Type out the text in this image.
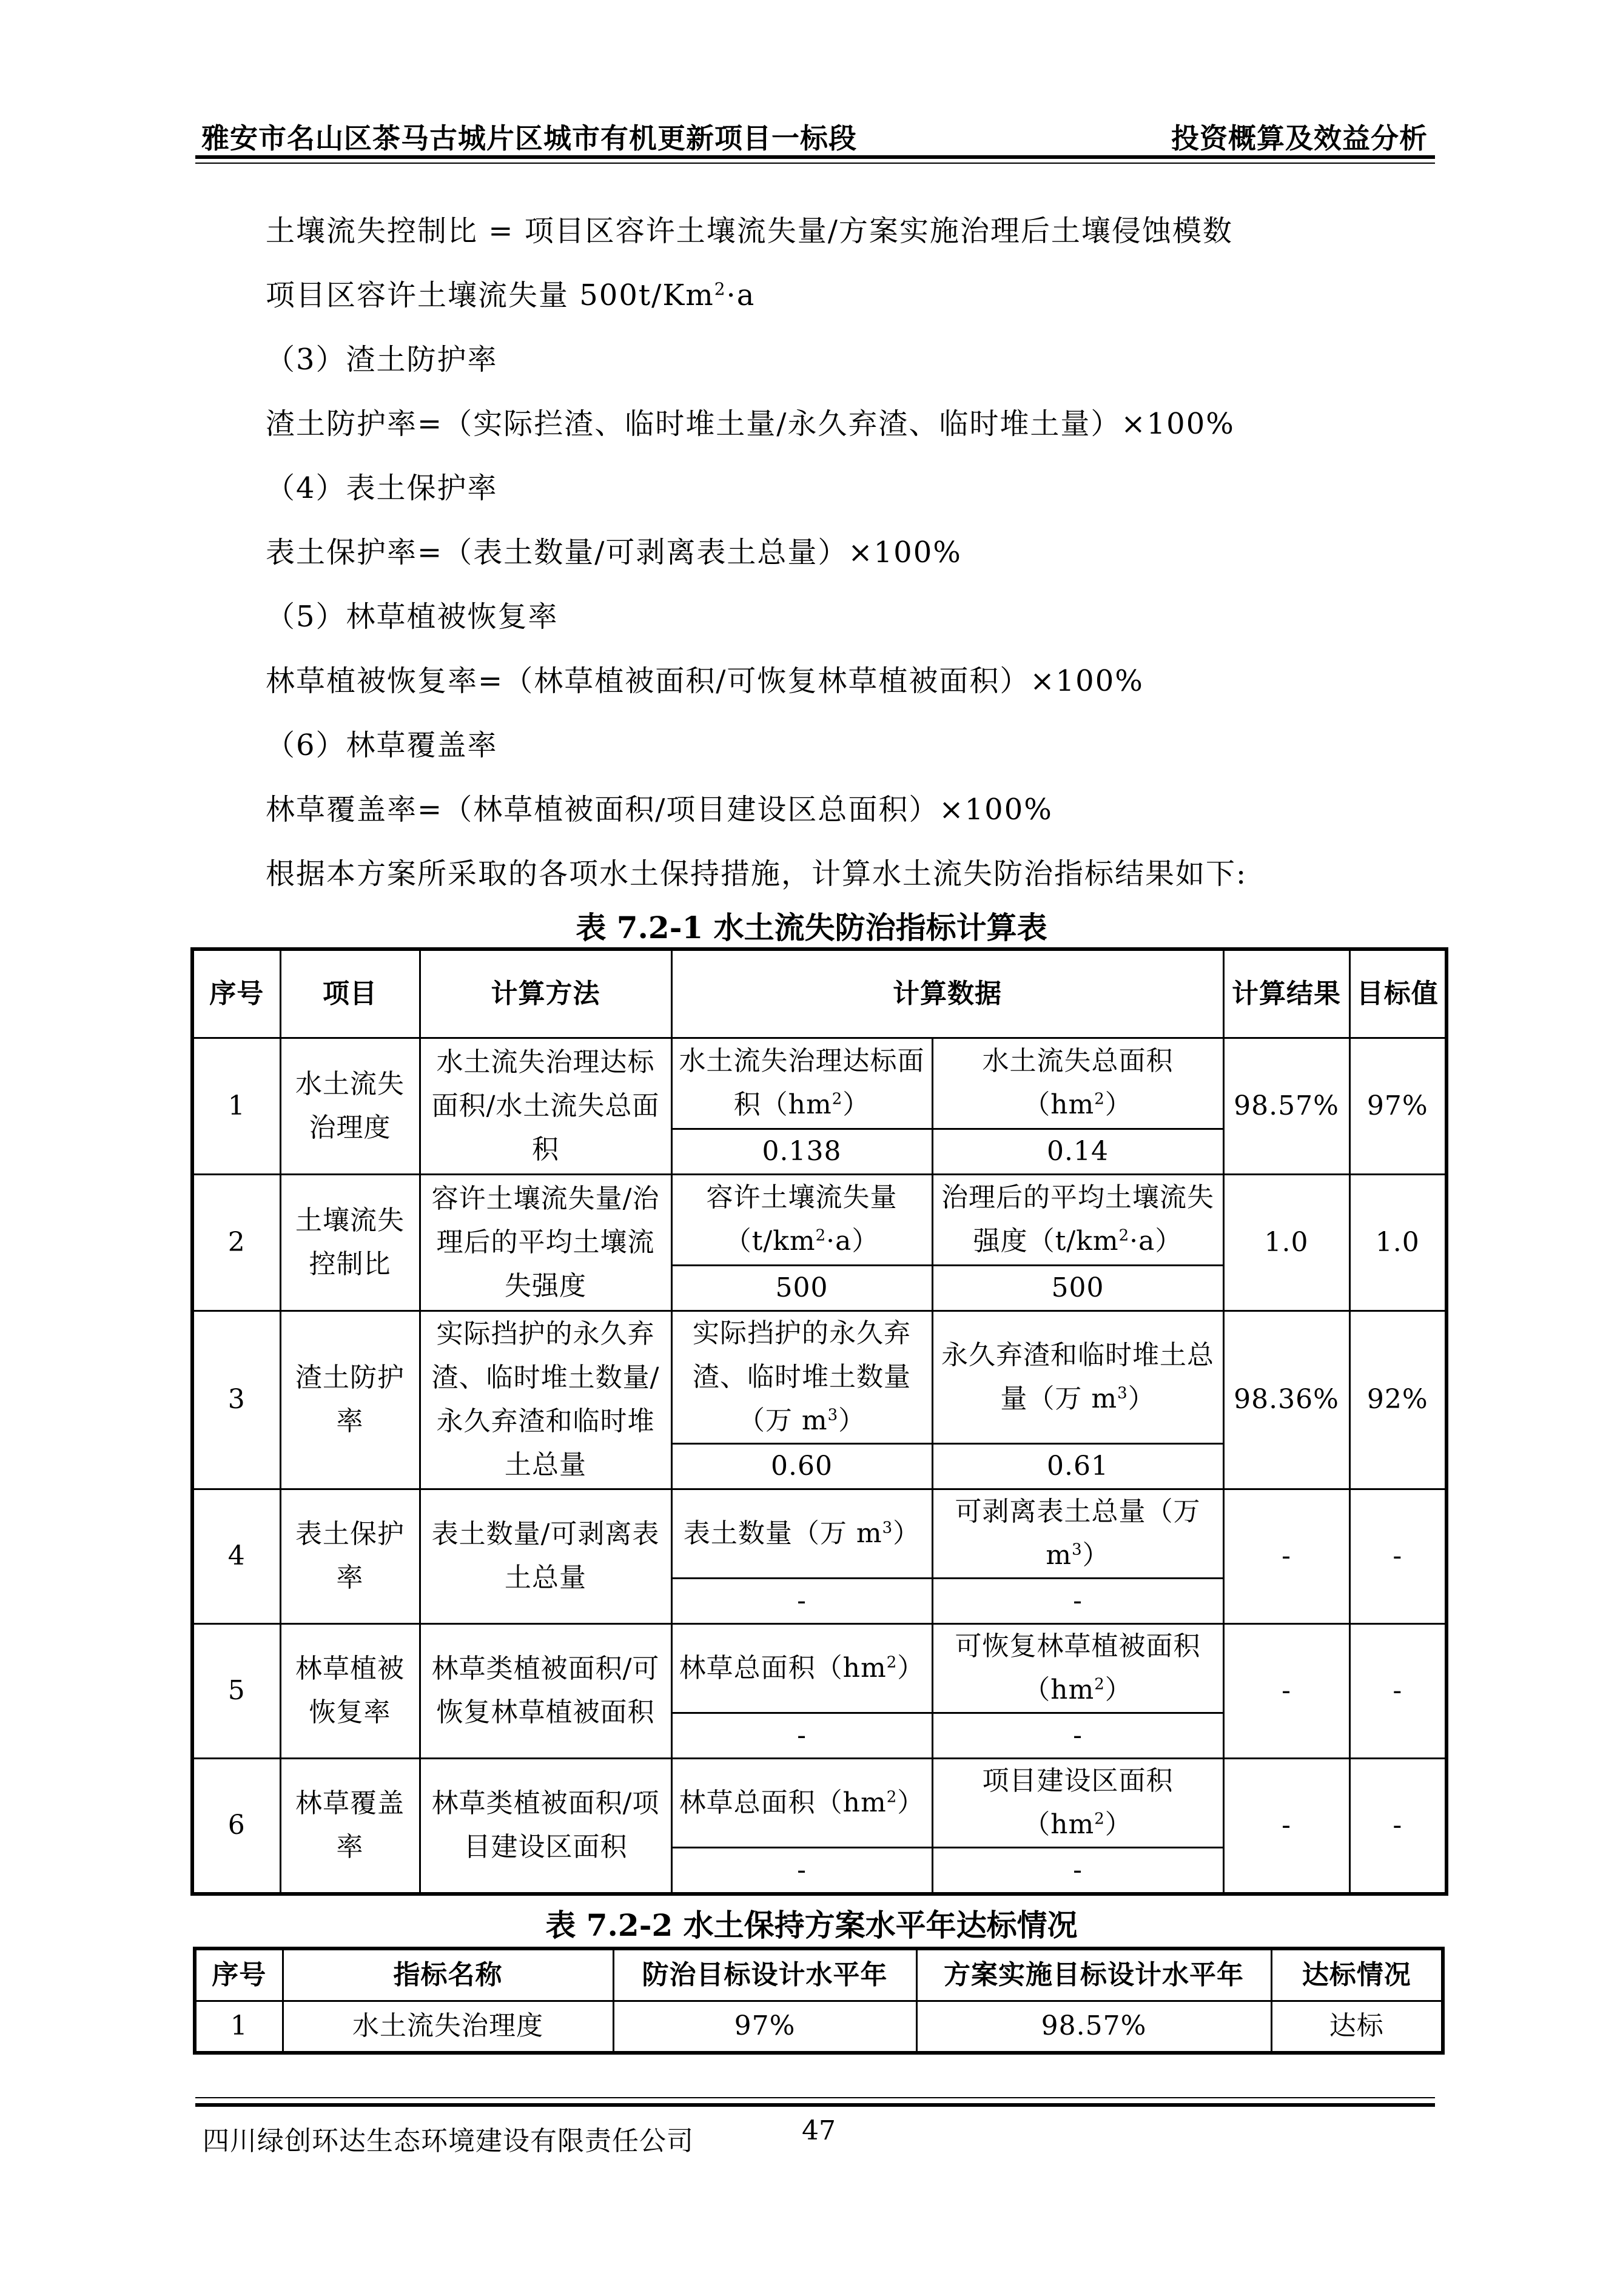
雅安市名山区茶马古城片区城市有机更新项目一标段	投资概算及效益分析
土壤流失控制比 = 项目区容许土壤流失量/方案实施治理后土壤侵蚀模数
项目区容许土壤流失量 $500t/Km^2\cdot a$
（3）渣土防护率
渣土防护率=（实际拦渣、临时堆土量/永久弃渣、临时堆土量）×100%
（4）表土保护率
表土保护率=（表土数量/可剥离表土总量）×100%
（5）林草植被恢复率
林草植被恢复率=（林草植被面积/可恢复林草植被面积）×100%
（6）林草覆盖率
林草覆盖率=（林草植被面积/项目建设区总面积）×100%
根据本方案所采取的各项水土保持措施，计算水土流失防治指标结果如下:
表 7.2-1 水土流失防治指标计算表
序号	项目	计算方法	计算数据		计算结果	目标值
1	水土流失治理度	水土流失治理达标面积/水土流失总面积	水土流失治理达标面积$(hm^2)$	水土流失总面积$(hm^2)$	98.57%	97%
			0.138	0.14		
2	土壤流失控制比	容许土壤流失量/治理后的平均土壤流失强度	容许土壤流失量$(t/km^2\cdot a)$	治理后的平均土壤流失强度$(t/km^2\cdot a)$	1.0	1.0
			500	500		
3	渣土防护率	实际挡护的永久弃渣、临时堆土数量/永久弃渣和临时堆土总量	实际挡护的永久弃渣、临时堆土数量（万 $m^3$）	永久弃渣和临时堆土总量（万 $m^3$）	98.36%	92%
			0.60	0.61		
4	表土保护率	表土数量/可剥离表土总量	表土数量（万 $m^3$）	可剥离表土总量（万 $m^3$）	-	-
			-	-		
5	林草植被恢复率	林草类植被面积/可恢复林草植被面积	林草总面积$(hm^2)$	可恢复林草植被面积$(hm^2)$	-	-
			-	-		
6	林草覆盖率	林草类植被面积/项目建设区面积	林草总面积$(hm^2)$	项目建设区面积$(hm^2)$	-	-
			-	-		
表 7.2-2 水土保持方案水平年达标情况
序号	指标名称	防治目标设计水平年	方案实施目标设计水平年	达标情况
1	水土流失治理度	97%	98.57%	达标
四川绿创环达生态环境建设有限责任公司	47
